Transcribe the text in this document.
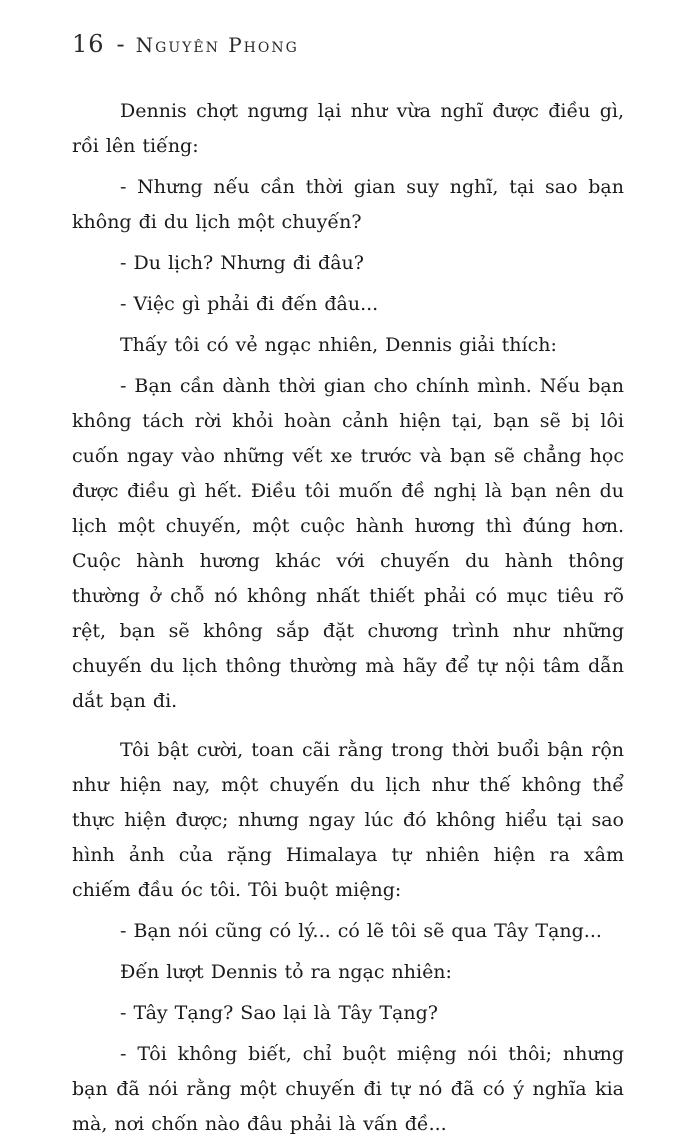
16 - Nguyên Phong

Dennis chợt ngưng lại như vừa nghĩ được điều gì, rồi lên tiếng:

- Nhưng nếu cần thời gian suy nghĩ, tại sao bạn không đi du lịch một chuyến?

- Du lịch? Nhưng đi đâu?

- Việc gì phải đi đến đâu...

Thấy tôi có vẻ ngạc nhiên, Dennis giải thích:

- Bạn cần dành thời gian cho chính mình. Nếu bạn không tách rời khỏi hoàn cảnh hiện tại, bạn sẽ bị lôi cuốn ngay vào những vết xe trước và bạn sẽ chẳng học được điều gì hết. Điều tôi muốn đề nghị là bạn nên du lịch một chuyến, một cuộc hành hương thì đúng hơn. Cuộc hành hương khác với chuyến du hành thông thường ở chỗ nó không nhất thiết phải có mục tiêu rõ rệt, bạn sẽ không sắp đặt chương trình như những chuyến du lịch thông thường mà hãy để tự nội tâm dẫn dắt bạn đi.

Tôi bật cười, toan cãi rằng trong thời buổi bận rộn như hiện nay, một chuyến du lịch như thế không thể thực hiện được; nhưng ngay lúc đó không hiểu tại sao hình ảnh của rặng Himalaya tự nhiên hiện ra xâm chiếm đầu óc tôi. Tôi buột miệng:

- Bạn nói cũng có lý... có lẽ tôi sẽ qua Tây Tạng...

Đến lượt Dennis tỏ ra ngạc nhiên:

- Tây Tạng? Sao lại là Tây Tạng?

- Tôi không biết, chỉ buột miệng nói thôi; nhưng bạn đã nói rằng một chuyến đi tự nó đã có ý nghĩa kia mà, nơi chốn nào đâu phải là vấn đề...
